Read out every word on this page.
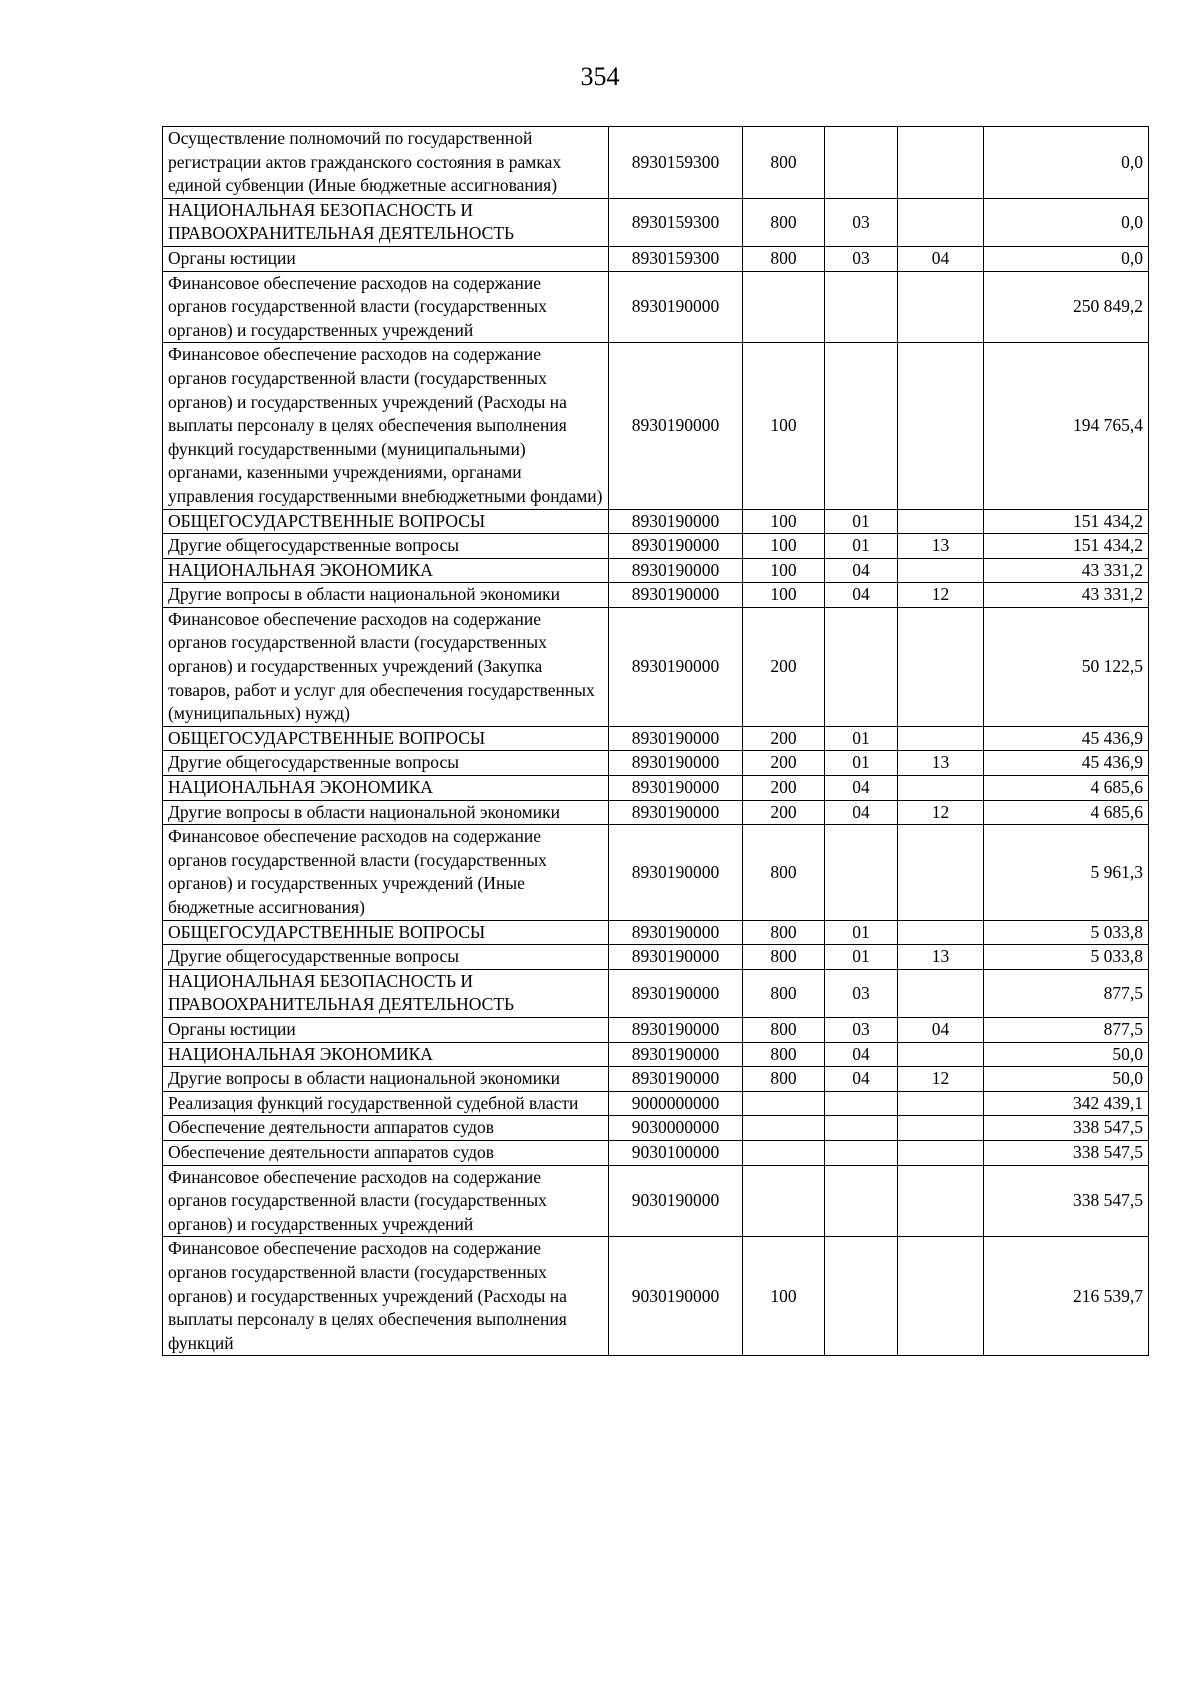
354
Осуществление полномочий по государственной регистрации актов гражданского состояния в рамках единой субвенции (Иные бюджетные ассигнования)	8930159300	800			0,0
НАЦИОНАЛЬНАЯ БЕЗОПАСНОСТЬ И ПРАВООХРАНИТЕЛЬНАЯ ДЕЯТЕЛЬНОСТЬ	8930159300	800	03		0,0
Органы юстиции	8930159300	800	03	04	0,0
Финансовое обеспечение расходов на содержание органов государственной власти (государственных органов) и государственных учреждений	8930190000				250 849,2
Финансовое обеспечение расходов на содержание органов государственной власти (государственных органов) и государственных учреждений (Расходы на выплаты персоналу в целях обеспечения выполнения функций государственными (муниципальными) органами, казенными учреждениями, органами управления государственными внебюджетными фондами)	8930190000	100			194 765,4
ОБЩЕГОСУДАРСТВЕННЫЕ ВОПРОСЫ	8930190000	100	01		151 434,2
Другие общегосударственные вопросы	8930190000	100	01	13	151 434,2
НАЦИОНАЛЬНАЯ ЭКОНОМИКА	8930190000	100	04		43 331,2
Другие вопросы в области национальной экономики	8930190000	100	04	12	43 331,2
Финансовое обеспечение расходов на содержание органов государственной власти (государственных органов) и государственных учреждений (Закупка товаров, работ и услуг для обеспечения государственных (муниципальных) нужд)	8930190000	200			50 122,5
ОБЩЕГОСУДАРСТВЕННЫЕ ВОПРОСЫ	8930190000	200	01		45 436,9
Другие общегосударственные вопросы	8930190000	200	01	13	45 436,9
НАЦИОНАЛЬНАЯ ЭКОНОМИКА	8930190000	200	04		4 685,6
Другие вопросы в области национальной экономики	8930190000	200	04	12	4 685,6
Финансовое обеспечение расходов на содержание органов государственной власти (государственных органов) и государственных учреждений (Иные бюджетные ассигнования)	8930190000	800			5 961,3
ОБЩЕГОСУДАРСТВЕННЫЕ ВОПРОСЫ	8930190000	800	01		5 033,8
Другие общегосударственные вопросы	8930190000	800	01	13	5 033,8
НАЦИОНАЛЬНАЯ БЕЗОПАСНОСТЬ И ПРАВООХРАНИТЕЛЬНАЯ ДЕЯТЕЛЬНОСТЬ	8930190000	800	03		877,5
Органы юстиции	8930190000	800	03	04	877,5
НАЦИОНАЛЬНАЯ ЭКОНОМИКА	8930190000	800	04		50,0
Другие вопросы в области национальной экономики	8930190000	800	04	12	50,0
Реализация функций государственной судебной власти	9000000000				342 439,1
Обеспечение деятельности аппаратов судов	9030000000				338 547,5
Обеспечение деятельности аппаратов судов	9030100000				338 547,5
Финансовое обеспечение расходов на содержание органов государственной власти (государственных органов) и государственных учреждений	9030190000				338 547,5
Финансовое обеспечение расходов на содержание органов государственной власти (государственных органов) и государственных учреждений (Расходы на выплаты персоналу в целях обеспечения выполнения функций	9030190000	100			216 539,7
